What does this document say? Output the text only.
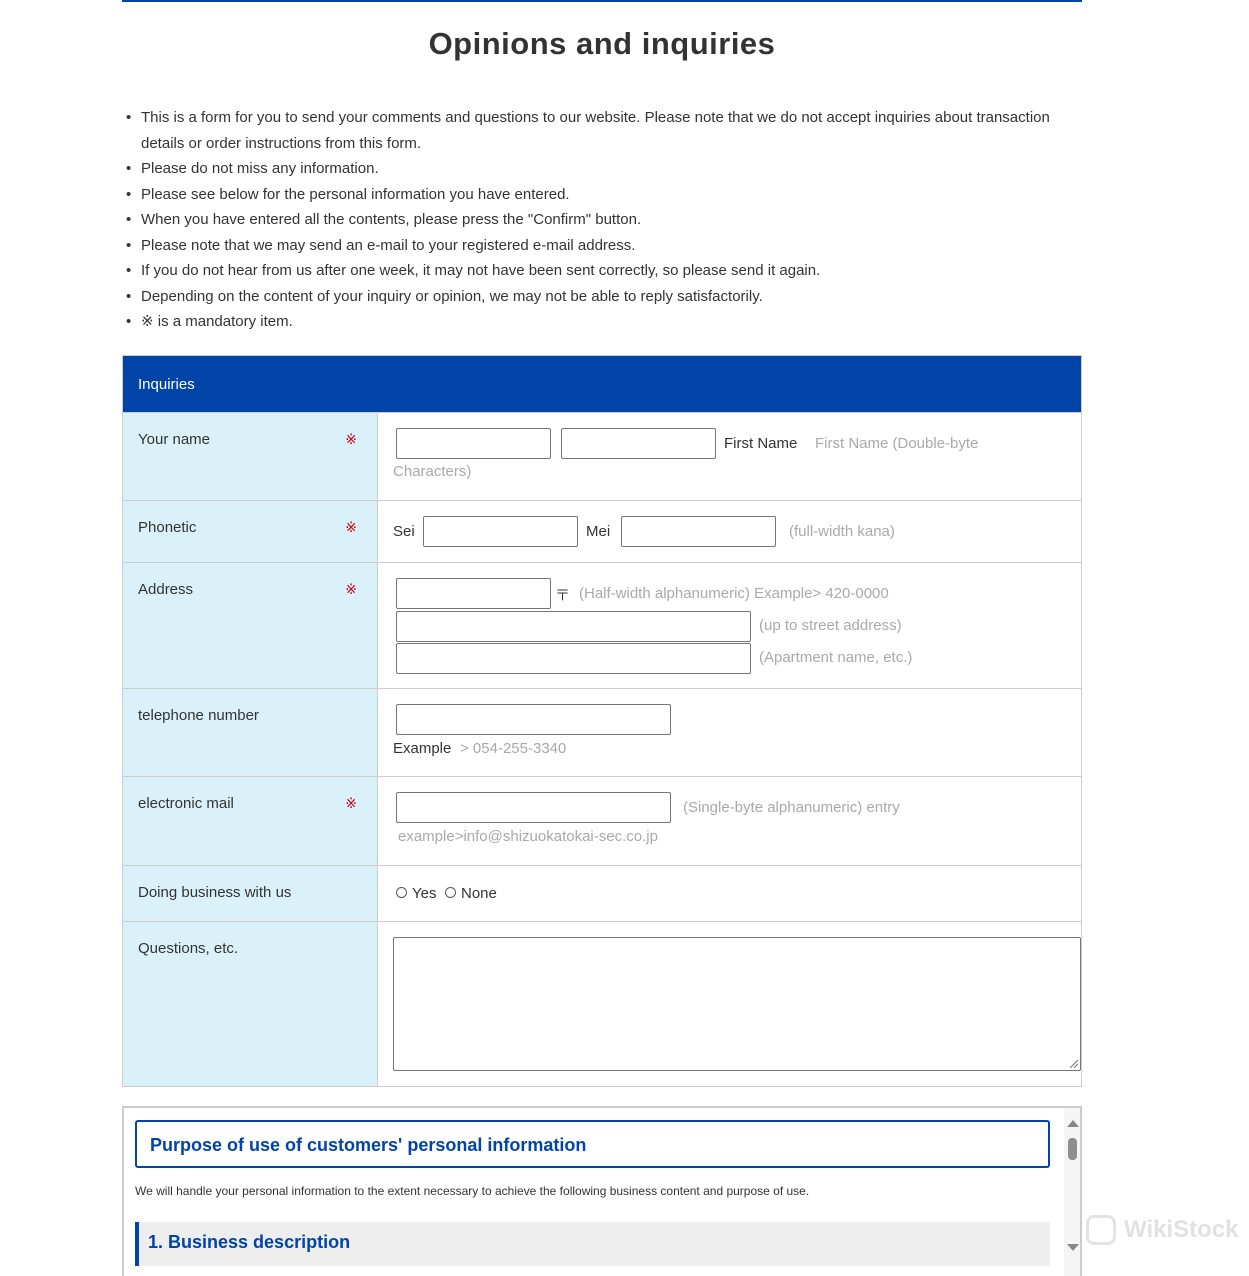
Opinions and inquiries
• This is a form for you to send your comments and questions to our website. Please note that we do not accept inquiries about transaction details or order instructions from this form.
• Please do not miss any information.
• Please see below for the personal information you have entered.
• When you have entered all the contents, please press the "Confirm" button.
• Please note that we may send an e-mail to your registered e-mail address.
• If you do not hear from us after one week, it may not have been sent correctly, so please send it again.
• Depending on the content of your inquiry or opinion, we may not be able to reply satisfactorily.
• ※ is a mandatory item.
Inquiries
Your name	※	First Name First Name (Double-byte
Characters)
Phonetic	※ Sei	Mei	(full-width kana)
Address	※	〒 (Half-width alphanumeric) Example> 420-0000
(up to street address)
(Apartment name, etc.)
telephone number
Example > 054-255-3340
electronic mail	※	(Single-byte alphanumeric) entry
example>info@shizuokatokai-sec.co.jp
Doing business with us	Yes None
Questions, etc.
Purpose of use of customers' personal information
We will handle your personal information to the extent necessary to achieve the following business content and purpose of use.
1. Business description	WikiStock
